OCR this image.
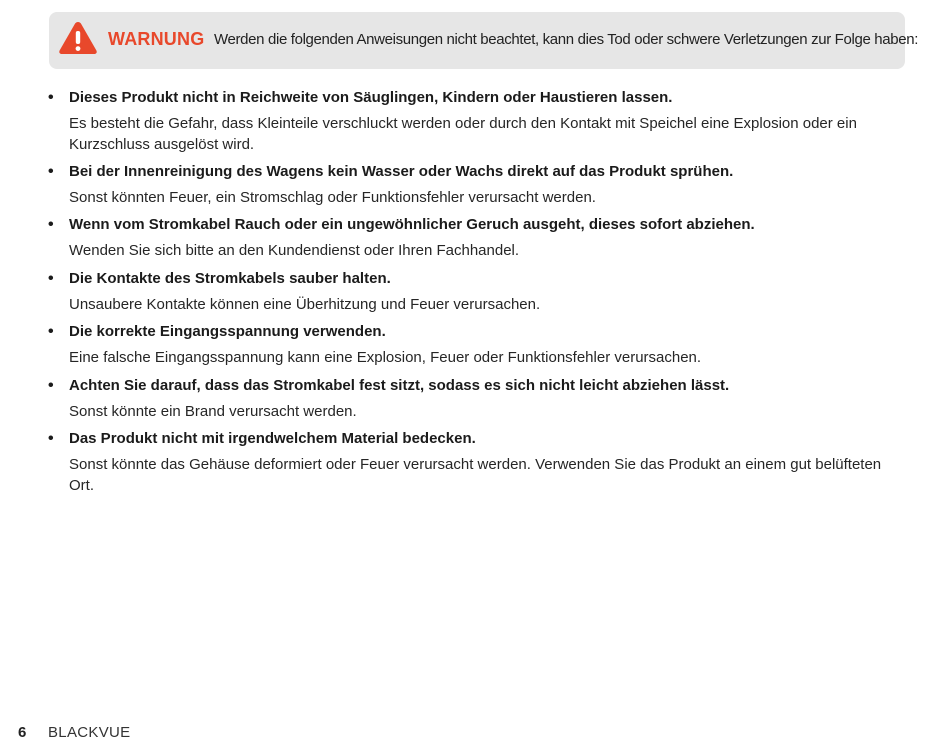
WARNUNG Werden die folgenden Anweisungen nicht beachtet, kann dies Tod oder schwere Verletzungen zur Folge haben:
• Dieses Produkt nicht in Reichweite von Säuglingen, Kindern oder Haustieren lassen.
Es besteht die Gefahr, dass Kleinteile verschluckt werden oder durch den Kontakt mit Speichel eine Explosion oder ein Kurzschluss ausgelöst wird.
• Bei der Innenreinigung des Wagens kein Wasser oder Wachs direkt auf das Produkt sprühen.
Sonst könnten Feuer, ein Stromschlag oder Funktionsfehler verursacht werden.
• Wenn vom Stromkabel Rauch oder ein ungewöhnlicher Geruch ausgeht, dieses sofort abziehen.
Wenden Sie sich bitte an den Kundendienst oder Ihren Fachhandel.
• Die Kontakte des Stromkabels sauber halten.
Unsaubere Kontakte können eine Überhitzung und Feuer verursachen.
• Die korrekte Eingangsspannung verwenden.
Eine falsche Eingangsspannung kann eine Explosion, Feuer oder Funktionsfehler verursachen.
• Achten Sie darauf, dass das Stromkabel fest sitzt, sodass es sich nicht leicht abziehen lässt.
Sonst könnte ein Brand verursacht werden.
• Das Produkt nicht mit irgendwelchem Material bedecken.
Sonst könnte das Gehäuse deformiert oder Feuer verursacht werden. Verwenden Sie das Produkt an einem gut belüfteten Ort.
6 BLACKVUE
